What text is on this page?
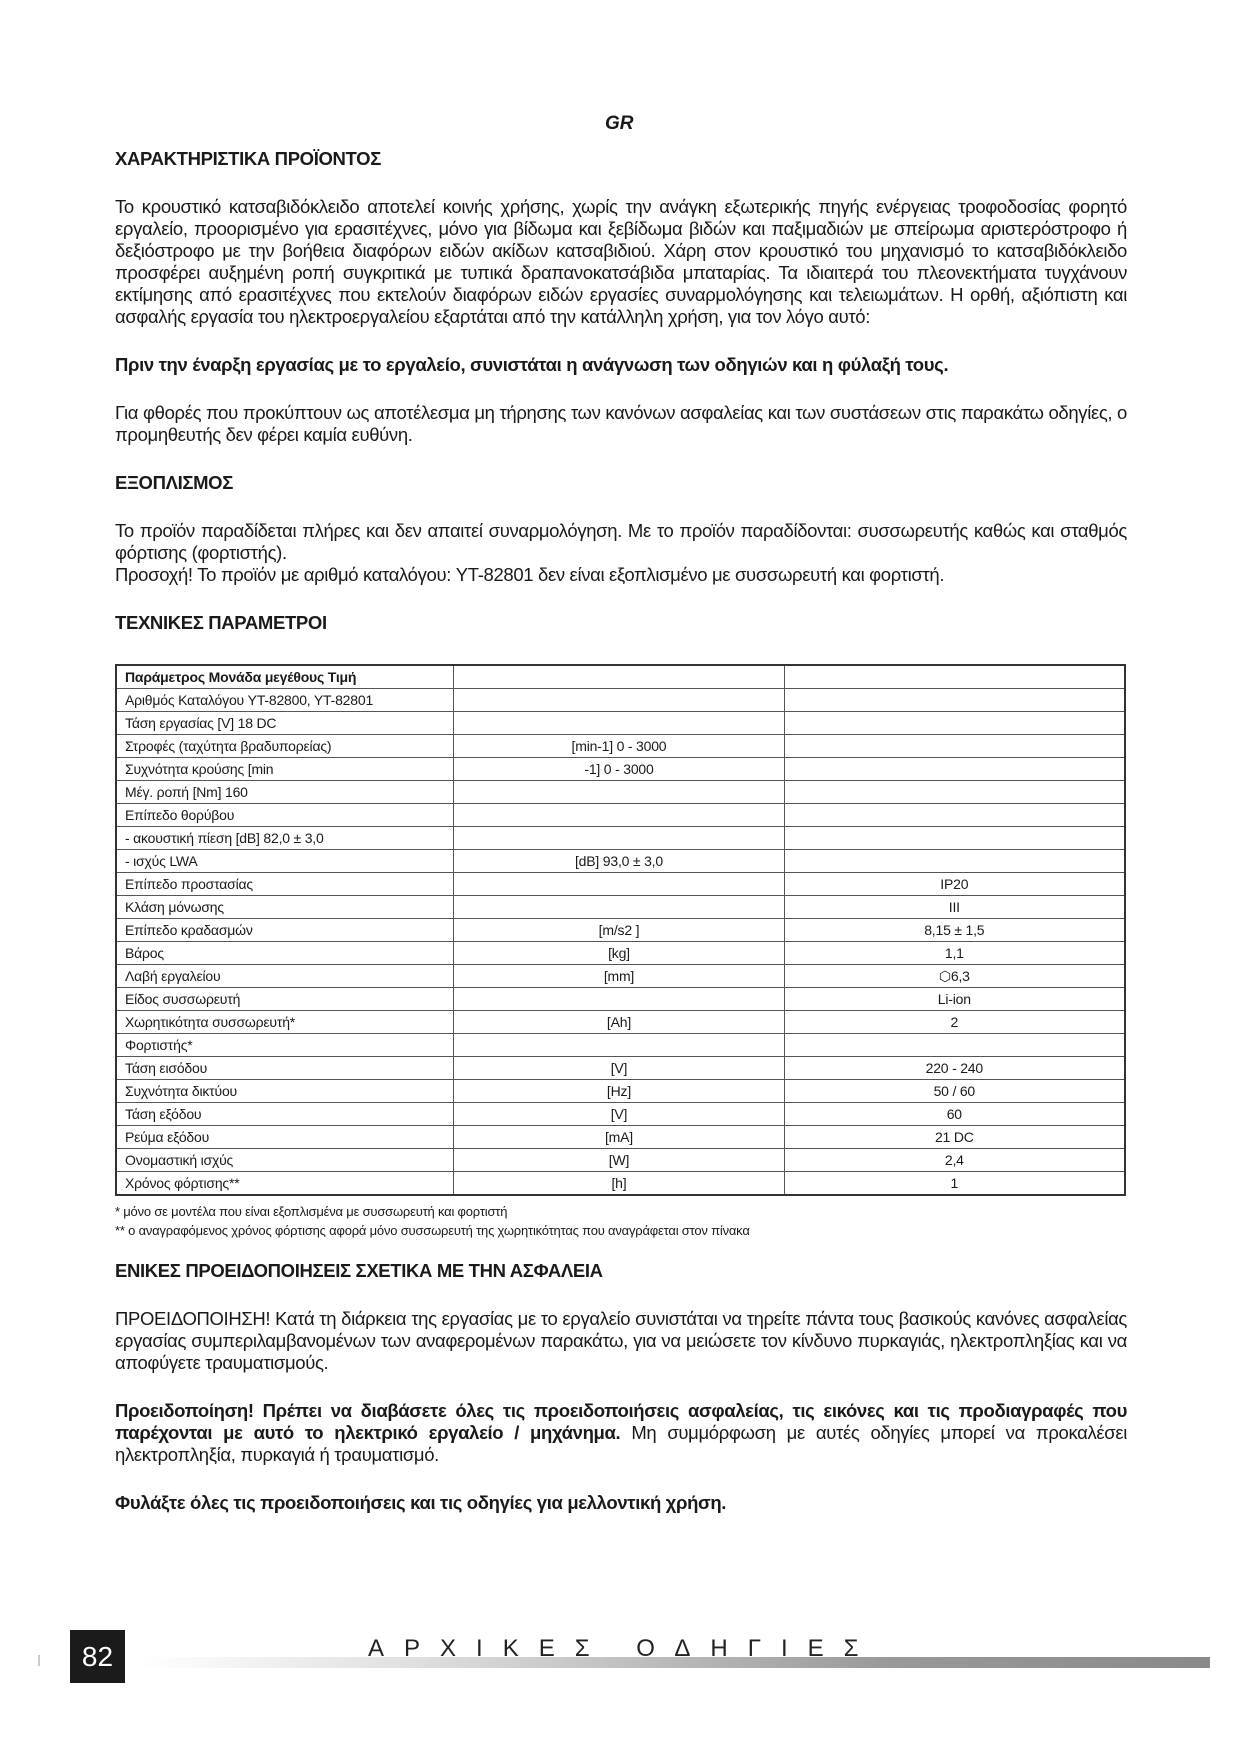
GR
ΧΑΡΑΚΤΗΡΙΣΤΙΚΑ ΠΡΟΪΟΝΤΟΣ

Το κρουστικό κατσαβιδόκλειδο αποτελεί κοινής χρήσης, χωρίς την ανάγκη εξωτερικής πηγής ενέργειας τροφοδοσίας φορητό εργαλείο, προορισμένο για ερασιτέχνες, μόνο για βίδωμα και ξεβίδωμα βιδών και παξιμαδιών με σπείρωμα αριστερόστροφο ή δεξιόστροφο με την βοήθεια διαφόρων ειδών ακίδων κατσαβιδιού. Χάρη στον κρουστικό του μηχανισμό το κατσαβιδόκλειδο προσφέρει αυξημένη ροπή συγκριτικά με τυπικά δραπανοκατσάβιδα μπαταρίας. Τα ιδιαιτερά του πλεονεκτήματα τυγχάνουν εκτίμησης από ερασιτέχνες που εκτελούν διαφόρων ειδών εργασίες συναρμολόγησης και τελειωμάτων. Η ορθή, αξιόπιστη και ασφαλής εργασία του ηλεκτροεργαλείου εξαρτάται από την κατάλληλη χρήση, για τον λόγο αυτό:

Πριν την έναρξη εργασίας με το εργαλείο, συνιστάται η ανάγνωση των οδηγιών και η φύλαξή τους.

Για φθορές που προκύπτουν ως αποτέλεσμα μη τήρησης των κανόνων ασφαλείας και των συστάσεων στις παρακάτω οδηγίες, ο προμηθευτής δεν φέρει καμία ευθύνη.

ΕΞΟΠΛΙΣΜΟΣ

Το προϊόν παραδίδεται πλήρες και δεν απαιτεί συναρμολόγηση. Με το προϊόν παραδίδονται: συσσωρευτής καθώς και σταθμός φόρτισης (φορτιστής).

Προσοχή! Το προϊόν με αριθμό καταλόγου: YT-82801 δεν είναι εξοπλισμένο με συσσωρευτή και φορτιστή.

ΤΕΧΝΙΚΕΣ ΠΑΡΑΜΕΤΡΟΙ
Παράμετρος Μονάδα μεγέθους Τιμή		
Αριθμός Καταλόγου YT-82800, YT-82801		
Τάση εργασίας [V] 18 DC		
Στροφές (ταχύτητα βραδυπορείας)	[min-1] 0 - 3000	
Συχνότητα κρούσης [min	-1] 0 - 3000	
Μέγ. ροπή [Nm] 160		
Επίπεδο θορύβου		
- ακουστική πίεση [dB] 82,0 ± 3,0		
- ισχύς LWA	[dB] 93,0 ± 3,0	
Επίπεδο προστασίας		IP20
Κλάση μόνωσης		III
Επίπεδο κραδασμών	[m/s2 ]	8,15 ± 1,5
Βάρος	[kg]	1,1
Λαβή εργαλείου	[mm]	⬡6,3
Είδος συσσωρευτή		Li-ion
Χωρητικότητα συσσωρευτή*	[Ah]	2
Φορτιστής*		
Τάση εισόδου	[V]	220 - 240
Συχνότητα δικτύου	[Hz]	50 / 60
Τάση εξόδου	[V]	60
Ρεύμα εξόδου	[mA]	21 DC
Ονομαστική ισχύς	[W]	2,4
Χρόνος φόρτισης**	[h]	1
* μόνο σε μοντέλα που είναι εξοπλισμένα με συσσωρευτή και φορτιστή
** ο αναγραφόμενος χρόνος φόρτισης αφορά μόνο συσσωρευτή της χωρητικότητας που αναγράφεται στον πίνακα
ΕΝΙΚΕΣ ΠΡΟΕΙΔΟΠΟΙΗΣΕΙΣ ΣΧΕΤΙΚΑ ΜΕ ΤΗΝ ΑΣΦΑΛΕΙΑ

ΠΡΟΕΙΔΟΠΟΙΗΣΗ! Κατά τη διάρκεια της εργασίας με το εργαλείο συνιστάται να τηρείτε πάντα τους βασικούς κανόνες ασφαλείας εργασίας συμπεριλαμβανομένων των αναφερομένων παρακάτω, για να μειώσετε τον κίνδυνο πυρκαγιάς, ηλεκτροπληξίας και να αποφύγετε τραυματισμούς.

Προειδοποίηση! Πρέπει να διαβάσετε όλες τις προειδοποιήσεις ασφαλείας, τις εικόνες και τις προδιαγραφές που παρέχονται με αυτό το ηλεκτρικό εργαλείο / μηχάνημα. Μη συμμόρφωση με αυτές οδηγίες μπορεί να προκαλέσει ηλεκτροπληξία, πυρκαγιά ή τραυματισμό.

Φυλάξτε όλες τις προειδοποιήσεις και τις οδηγίες για μελλοντική χρήση.

82	ΑΡΧΙΚΕΣ ΟΔΗΓΙΕΣ
